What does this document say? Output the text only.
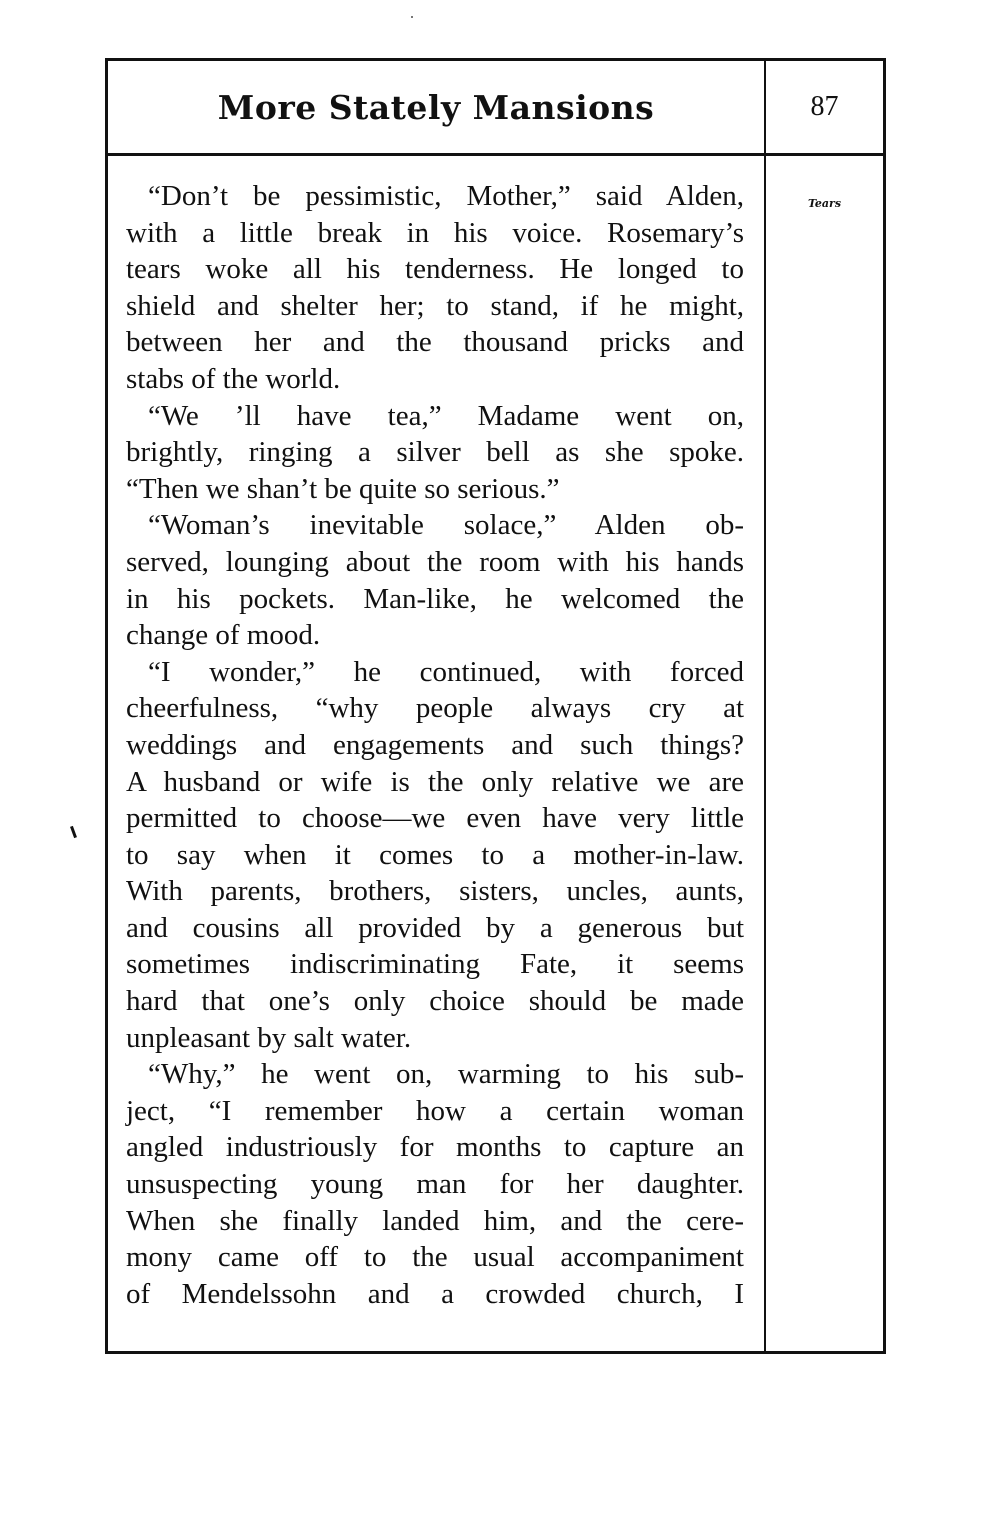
More Stately Mansions	87
Tears
“Don’t be pessimistic, Mother,” said Alden,
with a little break in his voice. Rosemary’s
tears woke all his tenderness. He longed to
shield and shelter her; to stand, if he might,
between her and the thousand pricks and
stabs of the world.
“We ’ll have tea,” Madame went on,
brightly, ringing a silver bell as she spoke.
“Then we shan’t be quite so serious.”
“Woman’s inevitable solace,” Alden ob-
served, lounging about the room with his hands
in his pockets. Man-like, he welcomed the
change of mood.
“I wonder,” he continued, with forced
cheerfulness, “why people always cry at
weddings and engagements and such things?
A husband or wife is the only relative we are
permitted to choose—we even have very little
to say when it comes to a mother-in-law.
With parents, brothers, sisters, uncles, aunts,
and cousins all provided by a generous but
sometimes indiscriminating Fate, it seems
hard that one’s only choice should be made
unpleasant by salt water.
“Why,” he went on, warming to his sub-
ject, “I remember how a certain woman
angled industriously for months to capture an
unsuspecting young man for her daughter.
When she finally landed him, and the cere-
mony came off to the usual accompaniment
of Mendelssohn and a crowded church, I
